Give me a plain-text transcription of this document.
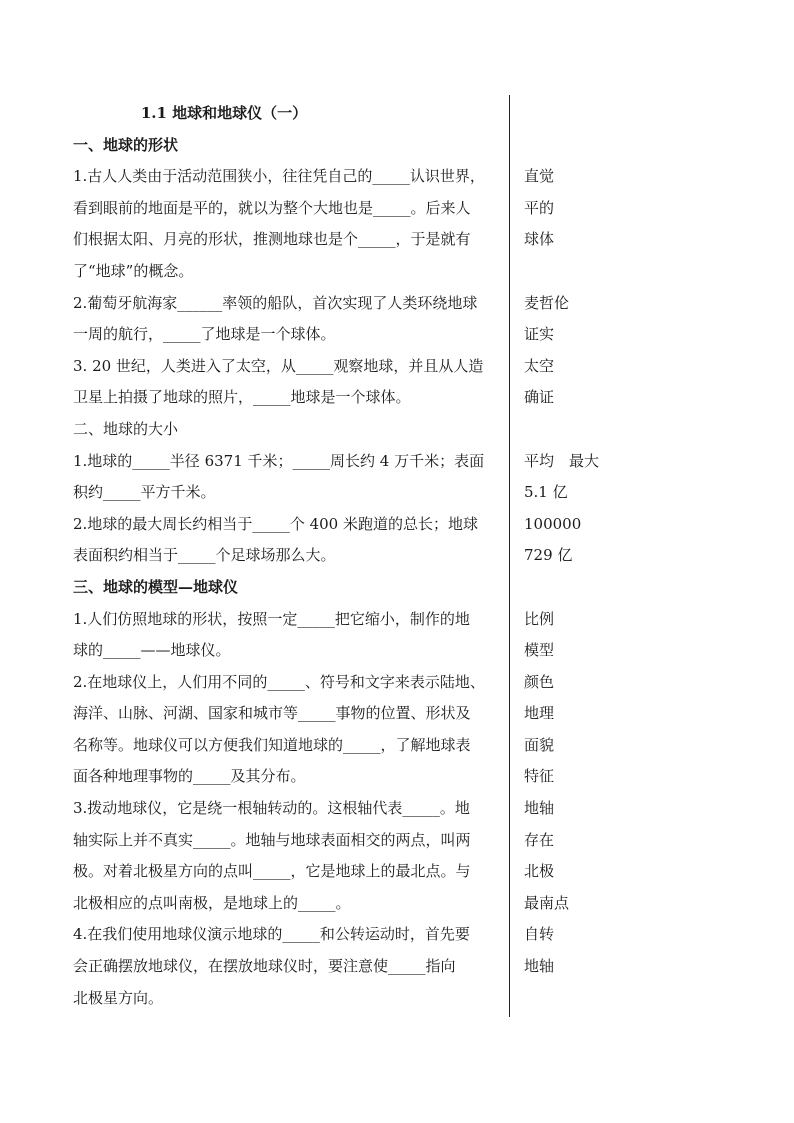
1.1 地球和地球仪（一）
一、地球的形状
1.古人人类由于活动范围狭小，往往凭自己的_____认识世界，
看到眼前的地面是平的，就以为整个大地也是_____。后来人
们根据太阳、月亮的形状，推测地球也是个_____，于是就有
了“地球”的概念。
2.葡萄牙航海家______率领的船队，首次实现了人类环绕地球
一周的航行，_____了地球是一个球体。
3. 20 世纪，人类进入了太空，从_____观察地球，并且从人造
卫星上拍摄了地球的照片，_____地球是一个球体。
二、地球的大小
1.地球的_____半径 6371 千米；_____周长约 4 万千米；表面
积约_____平方千米。
2.地球的最大周长约相当于_____个 400 米跑道的总长；地球
表面积约相当于_____个足球场那么大。
三、地球的模型—地球仪
1.人们仿照地球的形状，按照一定_____把它缩小，制作的地
球的_____——地球仪。
2.在地球仪上，人们用不同的_____、符号和文字来表示陆地、
海洋、山脉、河湖、国家和城市等_____事物的位置、形状及
名称等。地球仪可以方便我们知道地球的_____，了解地球表
面各种地理事物的_____及其分布。
3.拨动地球仪，它是绕一根轴转动的。这根轴代表_____。地
轴实际上并不真实_____。地轴与地球表面相交的两点，叫两
极。对着北极星方向的点叫_____，它是地球上的最北点。与
北极相应的点叫南极，是地球上的_____。
4.在我们使用地球仪演示地球的_____和公转运动时，首先要
会正确摆放地球仪，在摆放地球仪时，要注意使_____指向
北极星方向。
直觉
平的
球体
麦哲伦
证实
太空
确证
平均　最大
5.1 亿
100000
729 亿
比例
模型
颜色
地理
面貌
特征
地轴
存在
北极
最南点
自转
地轴
